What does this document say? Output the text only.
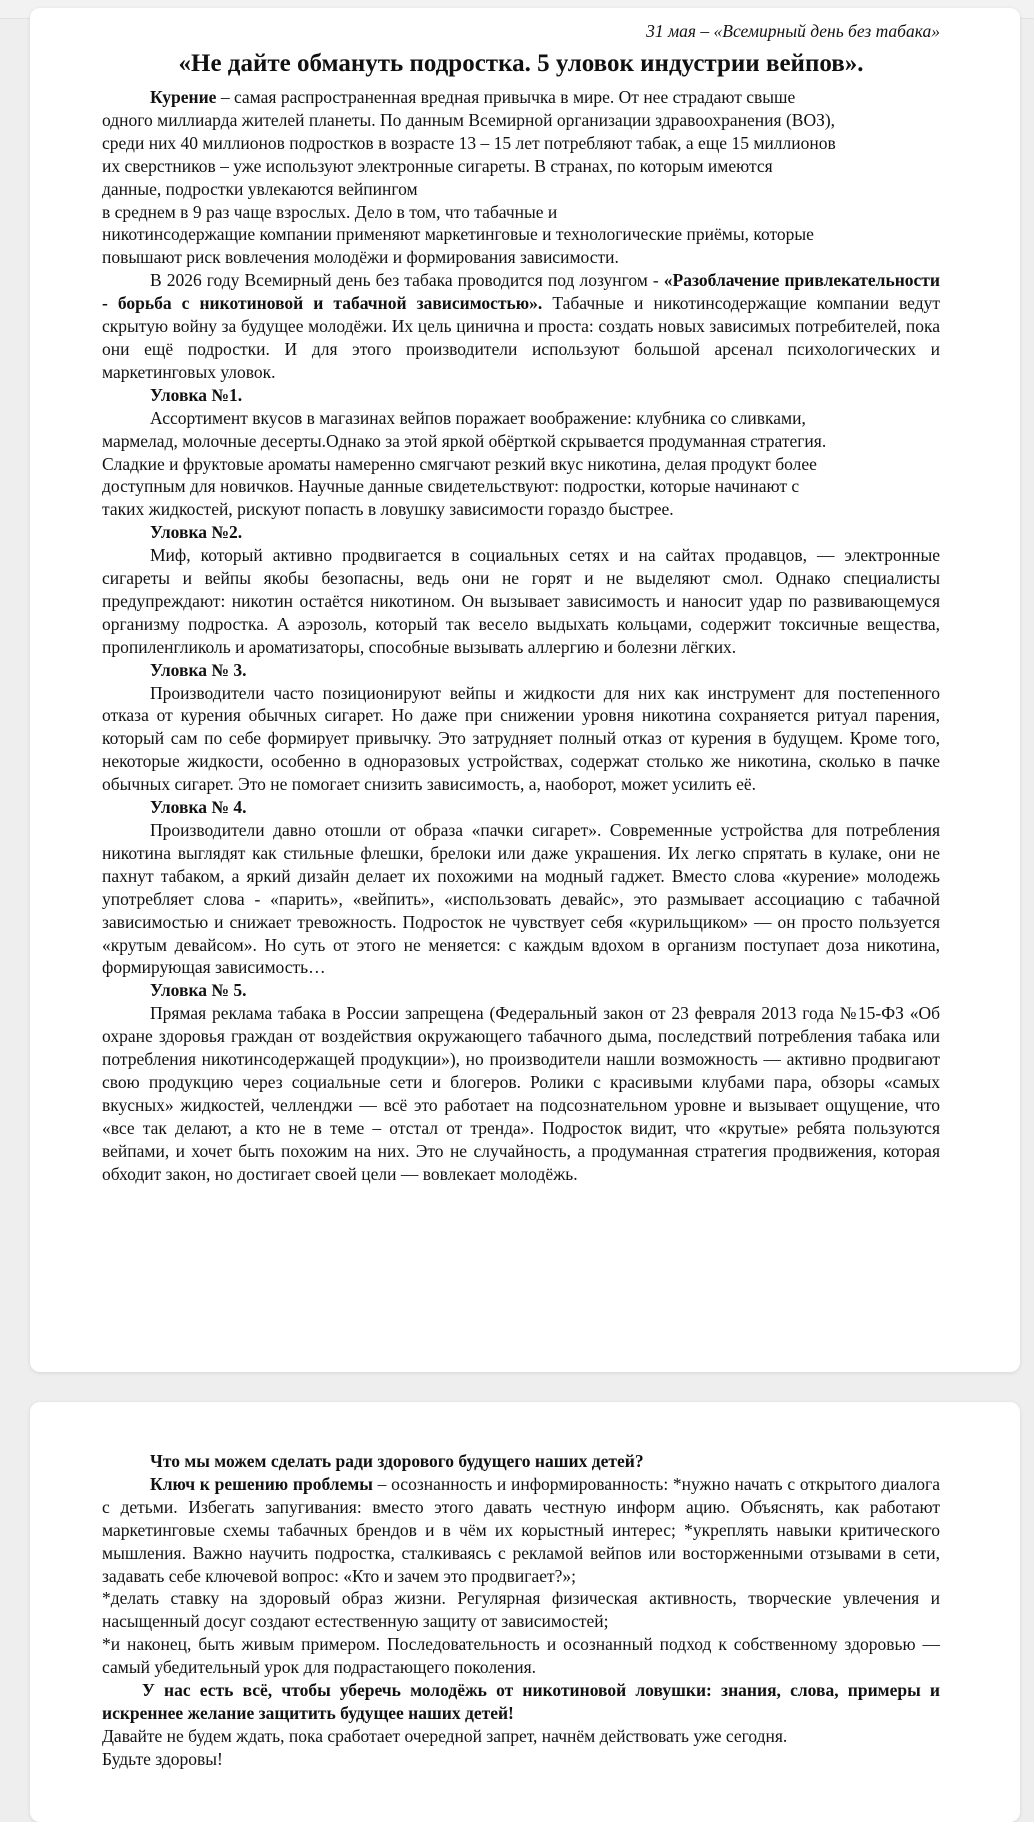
31 мая – «Всемирный день без табака»
«Не дайте обмануть подростка. 5 уловок индустрии вейпов».

Курение – самая распространенная вредная привычка в мире. От нее страдают свыше

одного миллиарда жителей планеты. По данным Всемирной организации здравоохранения (ВОЗ),

среди них 40 миллионов подростков в возрасте 13 – 15 лет потребляют табак, а еще 15 миллионов

их сверстников – уже используют электронные сигареты. В странах, по которым имеются

данные, подростки увлекаются вейпингом

в среднем в 9 раз чаще взрослых. Дело в том, что табачные и

никотинсодержащие компании применяют маркетинговые и технологические приёмы, которые

повышают риск вовлечения молодёжи и формирования зависимости.

В 2026 году Всемирный день без табака проводится под лозунгом - «Разоблачение привлекательности - борьба с никотиновой и табачной зависимостью». Табачные и никотинсодержащие компании ведут скрытую войну за будущее молодёжи. Их цель цинична и проста: создать новых зависимых потребителей, пока они ещё подростки. И для этого производители используют большой арсенал психологических и маркетинговых уловок.

Уловка №1.

Ассортимент вкусов в магазинах вейпов поражает воображение: клубника со сливками,

мармелад, молочные десерты.Однако за этой яркой обёрткой скрывается продуманная стратегия.

Сладкие и фруктовые ароматы намеренно смягчают резкий вкус никотина, делая продукт более

доступным для новичков. Научные данные свидетельствуют: подростки, которые начинают с

таких жидкостей, рискуют попасть в ловушку зависимости гораздо быстрее.

Уловка №2.

Миф, который активно продвигается в социальных сетях и на сайтах продавцов, — электронные сигареты и вейпы якобы безопасны, ведь они не горят и не выделяют смол. Однако специалисты предупреждают: никотин остаётся никотином. Он вызывает зависимость и наносит удар по развивающемуся организму подростка. А аэрозоль, который так весело выдыхать кольцами, содержит токсичные вещества, пропиленгликоль и ароматизаторы, способные вызывать аллергию и болезни лёгких.

Уловка № 3.

Производители часто позиционируют вейпы и жидкости для них как инструмент для постепенного отказа от курения обычных сигарет. Но даже при снижении уровня никотина сохраняется ритуал парения, который сам по себе формирует привычку. Это затрудняет полный отказ от курения в будущем. Кроме того, некоторые жидкости, особенно в одноразовых устройствах, содержат столько же никотина, сколько в пачке обычных сигарет. Это не помогает снизить зависимость, а, наоборот, может усилить её.

Уловка № 4.

Производители давно отошли от образа «пачки сигарет». Современные устройства для потребления никотина выглядят как стильные флешки, брелоки или даже украшения. Их легко спрятать в кулаке, они не пахнут табаком, а яркий дизайн делает их похожими на модный гаджет. Вместо слова «курение» молодежь употребляет слова - «парить», «вейпить», «использовать девайс», это размывает ассоциацию с табачной зависимостью и снижает тревожность. Подросток не чувствует себя «курильщиком» — он просто пользуется «крутым девайсом». Но суть от этого не меняется: с каждым вдохом в организм поступает доза никотина, формирующая зависимость…

Уловка № 5.

Прямая реклама табака в России запрещена (Федеральный закон от 23 февраля 2013 года №15-ФЗ «Об охране здоровья граждан от воздействия окружающего табачного дыма, последствий потребления табака или потребления никотинсодержащей продукции»), но производители нашли возможность — активно продвигают свою продукцию через социальные сети и блогеров. Ролики с красивыми клубами пара, обзоры «самых вкусных» жидкостей, челленджи — всё это работает на подсознательном уровне и вызывает ощущение, что «все так делают, а кто не в теме – отстал от тренда». Подросток видит, что «крутые» ребята пользуются вейпами, и хочет быть похожим на них. Это не случайность, а продуманная стратегия продвижения, которая обходит закон, но достигает своей цели — вовлекает молодёжь.

Что мы можем сделать ради здорового будущего наших детей?

Ключ к решению проблемы – осознанность и информированность: *нужно начать с открытого диалога с детьми. Избегать запугивания: вместо этого давать честную информ ацию. Объяснять, как работают маркетинговые схемы табачных брендов и в чём их корыстный интерес; *укреплять навыки критического мышления. Важно научить подростка, сталкиваясь с рекламой вейпов или восторженными отзывами в сети, задавать себе ключевой вопрос: «Кто и зачем это продвигает?»;

*делать ставку на здоровый образ жизни. Регулярная физическая активность, творческие увлечения и насыщенный досуг создают естественную защиту от зависимостей;

*и наконец, быть живым примером. Последовательность и осознанный подход к собственному здоровью — самый убедительный урок для подрастающего поколения.

У нас есть всё, чтобы уберечь молодёжь от никотиновой ловушки: знания, слова, примеры и искреннее желание защитить будущее наших детей!

Давайте не будем ждать, пока сработает очередной запрет, начнём действовать уже сегодня.

Будьте здоровы!
